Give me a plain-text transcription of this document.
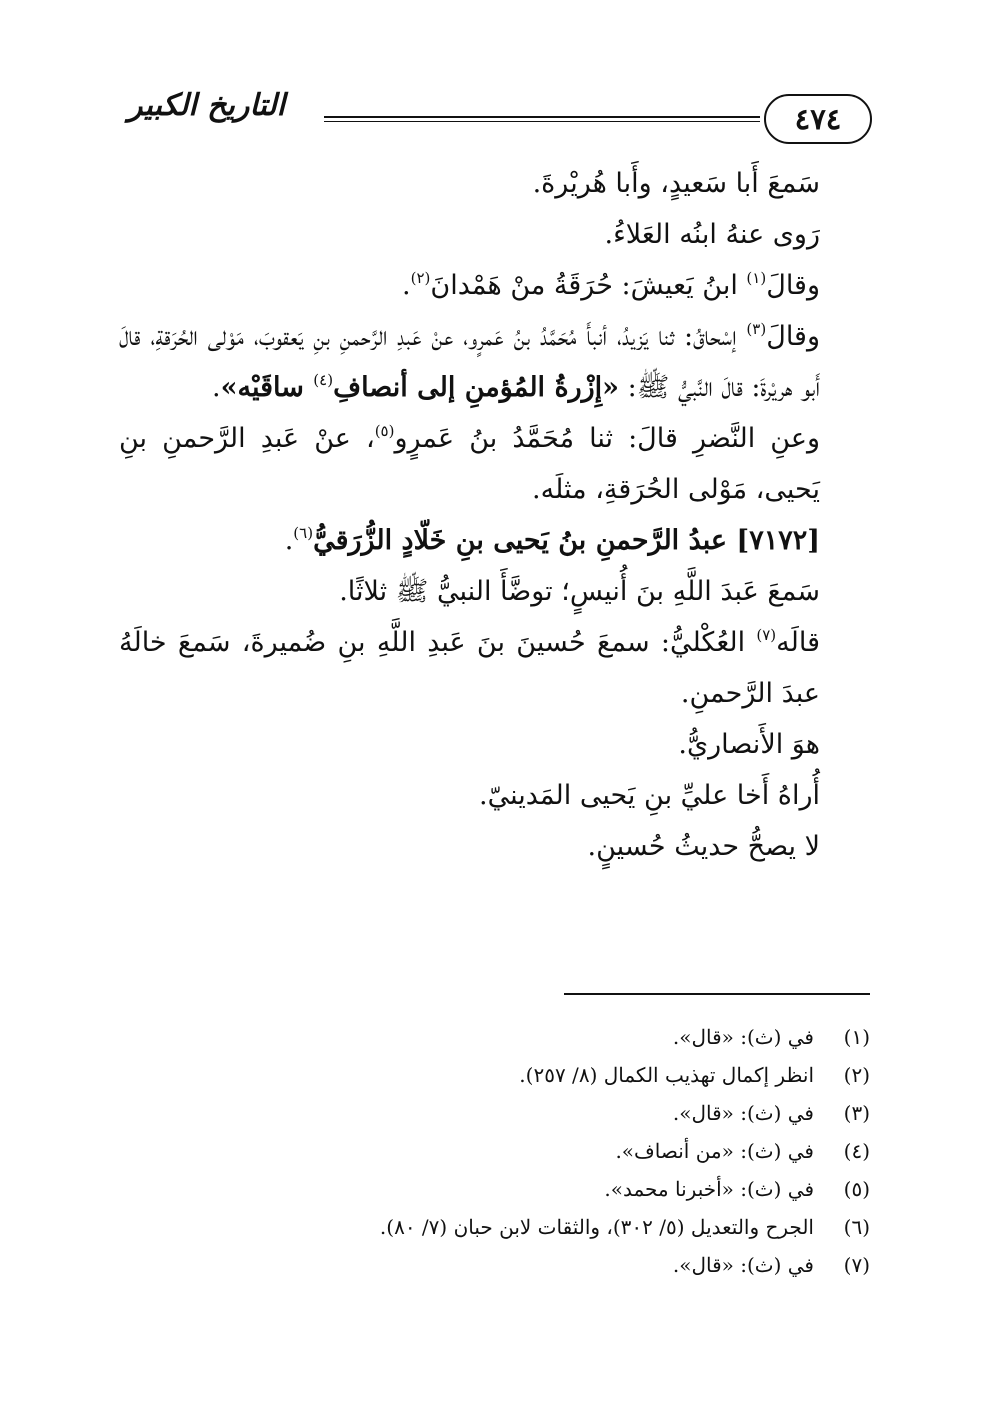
٤٧٤
التاريخ الكبير

سَمعَ أَبا سَعيدٍ، وأَبا هُريْرةَ.

رَوى عنهُ ابنُه العَلاءُ.

وقالَ$^{(١)}$ ابنُ يَعيشَ: حُرَقَةُ منْ هَمْدانَ$^{(٢)}$.

وقالَ$^{(٣)}$ إسْحاقُ: ثنا يَزيدُ، أنبأَ مُحَمَّدُ بنُ عَمرٍو، عنْ عَبدِ الرَّحمنِ بنِ يَعقوبَ، مَوْلى الحُرَقةِ، قالَ أَبو هريْرةَ: قالَ النَّبيُّ ﷺ: «إِزْرةُ المُؤمنِ إلى أنصافِ$^{(٤)}$ ساقَيْه».

وعنِ النَّضرِ قالَ: ثنا مُحَمَّدُ بنُ عَمرٍو$^{(٥)}$، عنْ عَبدِ الرَّحمنِ بنِ يَحيى، مَوْلى الحُرَقةِ، مثلَه.

[٧١٧٢] عبدُ الرَّحمنِ بنُ يَحيى بنِ خَلّادٍ الزُّرَقيُّ$^{(٦)}$.

سَمعَ عَبدَ اللَّهِ بنَ أُنيسٍ؛ توضَّأَ النبيُّ ﷺ ثلاثًا.

قالَه$^{(٧)}$ العُكْليُّ: سمعَ حُسينَ بنَ عَبدِ اللَّهِ بنِ ضُميرةَ، سَمعَ خالَهُ عبدَ الرَّحمنِ.

هوَ الأَنصاريُّ.

أُراهُ أَخا عليِّ بنِ يَحيى المَدينيّ.

لا يصحُّ حديثُ حُسينٍ.

(١)
في (ث): «قال».
(٢)
انظر إكمال تهذيب الكمال (٨/ ٢٥٧).
(٣)
في (ث): «قال».
(٤)
في (ث): «من أنصاف».
(٥)
في (ث): «أخبرنا محمد».
(٦)
الجرح والتعديل (٥/ ٣٠٢)، والثقات لابن حبان (٧/ ٨٠).
(٧)
في (ث): «قال».
